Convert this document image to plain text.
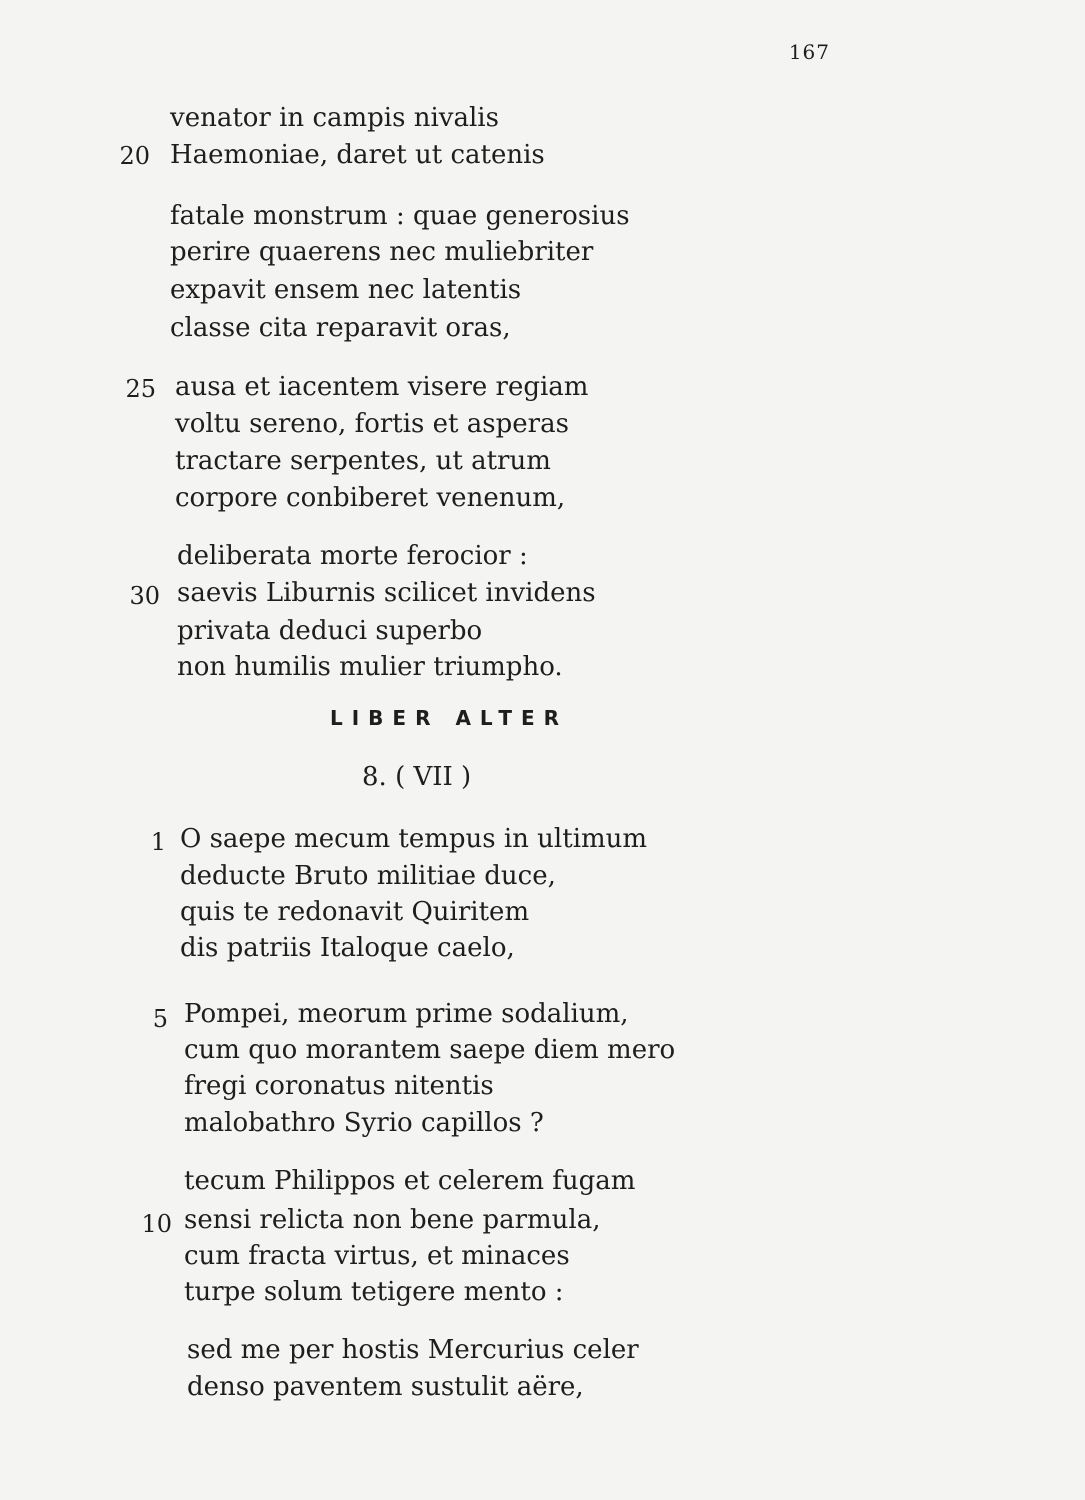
167
venator in campis nivalis
20 Haemoniae, daret ut catenis
fatale monstrum : quae generosius
perire quaerens nec muliebriter
expavit ensem nec latentis
classe cita reparavit oras,
25 ausa et iacentem visere regiam
voltu sereno, fortis et asperas
tractare serpentes, ut atrum
corpore conbiberet venenum,
deliberata morte ferocior :
30 saevis Liburnis scilicet invidens
privata deduci superbo
non humilis mulier triumpho.
LIBER ALTER
8. ( VII )
1 O saepe mecum tempus in ultimum
deducte Bruto militiae duce,
quis te redonavit Quiritem
dis patriis Italoque caelo,
5 Pompei, meorum prime sodalium,
cum quo morantem saepe diem mero
fregi coronatus nitentis
malobathro Syrio capillos ?
tecum Philippos et celerem fugam
10 sensi relicta non bene parmula,
cum fracta virtus, et minaces
turpe solum tetigere mento :
sed me per hostis Mercurius celer
denso paventem sustulit aëre,
